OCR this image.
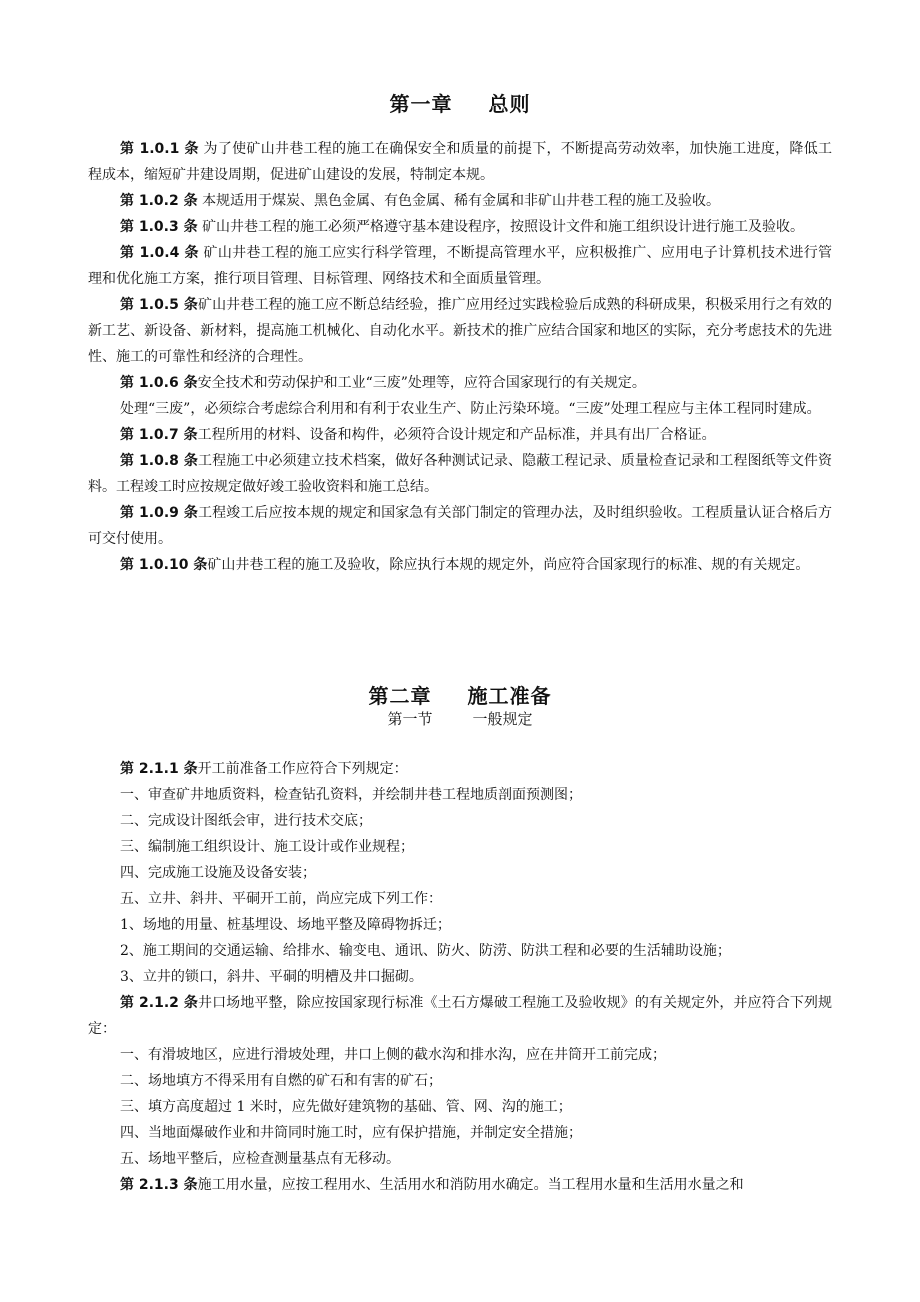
第一章 总则

第 1.0.1 条 为了使矿山井巷工程的施工在确保安全和质量的前提下，不断提高劳动效率，加快施工进度，降低工程成本，缩短矿井建设周期，促进矿山建设的发展，特制定本规。

第 1.0.2 条 本规适用于煤炭、黑色金属、有色金属、稀有金属和非矿山井巷工程的施工及验收。

第 1.0.3 条 矿山井巷工程的施工必须严格遵守基本建设程序，按照设计文件和施工组织设计进行施工及验收。

第 1.0.4 条 矿山井巷工程的施工应实行科学管理，不断提高管理水平，应积极推广、应用电子计算机技术进行管理和优化施工方案，推行项目管理、目标管理、网络技术和全面质量管理。

第 1.0.5 条矿山井巷工程的施工应不断总结经验，推广应用经过实践检验后成熟的科研成果，积极采用行之有效的新工艺、新设备、新材料，提高施工机械化、自动化水平。新技术的推广应结合国家和地区的实际，充分考虑技术的先进性、施工的可靠性和经济的合理性。

第 1.0.6 条安全技术和劳动保护和工业“三废”处理等，应符合国家现行的有关规定。

处理“三废”，必须综合考虑综合利用和有利于农业生产、防止污染环境。“三废”处理工程应与主体工程同时建成。

第 1.0.7 条工程所用的材料、设备和构件，必须符合设计规定和产品标准，并具有出厂合格证。

第 1.0.8 条工程施工中必须建立技术档案，做好各种测试记录、隐蔽工程记录、质量检查记录和工程图纸等文件资料。工程竣工时应按规定做好竣工验收资料和施工总结。

第 1.0.9 条工程竣工后应按本规的规定和国家急有关部门制定的管理办法，及时组织验收。工程质量认证合格后方可交付使用。

第 1.0.10 条矿山井巷工程的施工及验收，除应执行本规的规定外，尚应符合国家现行的标准、规的有关规定。

第二章 施工准备
第一节	一般规定

第 2.1.1 条开工前准备工作应符合下列规定：

一、审查矿井地质资料，检查钻孔资料，并绘制井巷工程地质剖面预测图；

二、完成设计图纸会审，进行技术交底；

三、编制施工组织设计、施工设计或作业规程；

四、完成施工设施及设备安装；

五、立井、斜井、平硐开工前，尚应完成下列工作：

1、场地的用量、桩基埋设、场地平整及障碍物拆迁；

2、施工期间的交通运输、给排水、输变电、通讯、防火、防涝、防洪工程和必要的生活辅助设施；

3、立井的锁口，斜井、平硐的明槽及井口掘砌。

第 2.1.2 条井口场地平整，除应按国家现行标准《土石方爆破工程施工及验收规》的有关规定外，并应符合下列规定：

一、有滑坡地区，应进行滑坡处理，井口上侧的截水沟和排水沟，应在井筒开工前完成；

二、场地填方不得采用有自燃的矿石和有害的矿石；

三、填方高度超过 1 米时，应先做好建筑物的基础、管、网、沟的施工；

四、当地面爆破作业和井筒同时施工时，应有保护措施，并制定安全措施；

五、场地平整后，应检查测量基点有无移动。

第 2.1.3 条施工用水量，应按工程用水、生活用水和消防用水确定。当工程用水量和生活用水量之和
